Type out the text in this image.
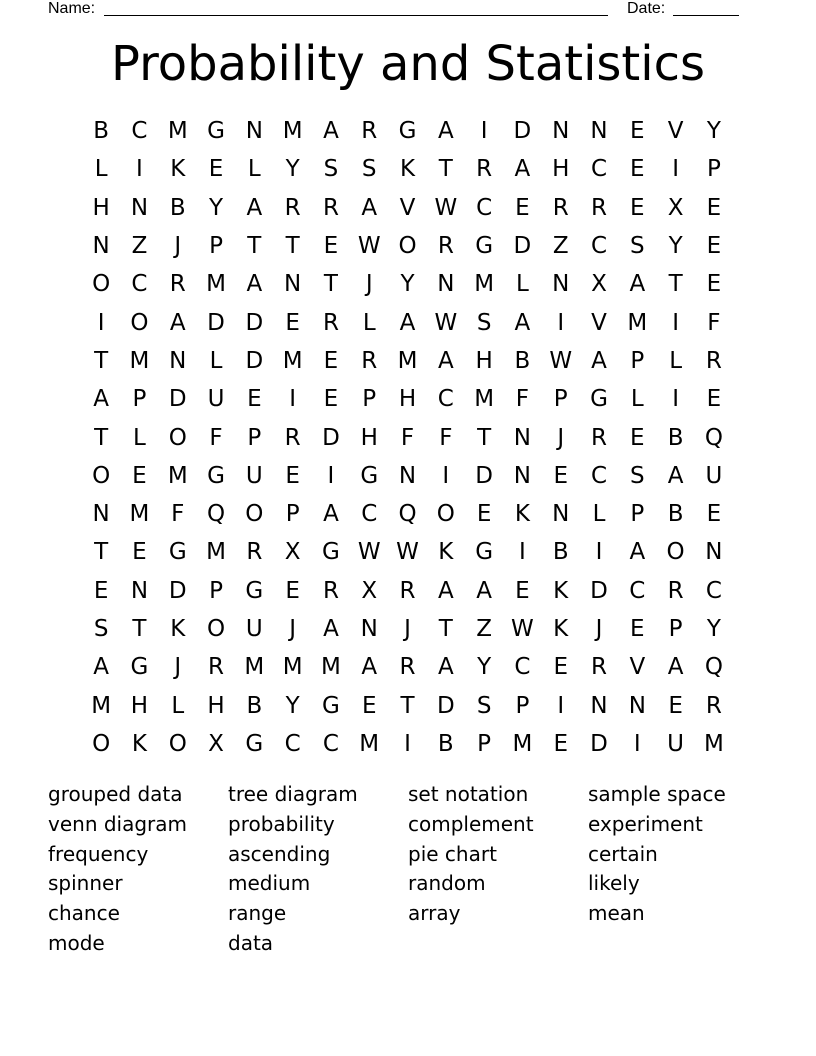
Name:	Date:
Probability and Statistics
B C M G N M A R G A	I	D N N E	V	Y
L	I	K	E	L	Y	S	S	K	T	R A H C	E	I	P
H N B	Y	A R R A V W C	E	R R	E	X	E
N Z	J	P	T	T	E W O R G D Z C S	Y	E
O C R M A N T	J	Y N M L	N X A	T	E
I	O A D D E	R	L	A W S	A	I	V M	I	F
T M N	L	D M E	R M A H B W A	P	L	R
A	P D U E	I	E	P H C M F	P G L	I	E
T	L O F	P	R D H	F	F	T N	J	R	E	B Q
O E M G U E	I	G N	I	D N E C S	A U
N M F Q O P	A C Q O E	K N	L	P	B	E
T	E G M R X G W W K G	I	B	I	A O N
E N D P G E	R X R A A	E	K D C R C
S	T	K O U	J	A N	J	T	Z W K	J	E	P	Y
A G	J	R M M M A R A	Y	C	E	R V A Q
M H	L	H B	Y G E	T D S	P	I	N N E	R
O K O X G C C M	I	B	P M E D	I	U M
grouped data	tree diagram	set notation	sample space
venn diagram	probability	complement	experiment
frequency	ascending	pie chart	certain
spinner	medium	random	likely
chance	range	array	mean
mode	data
